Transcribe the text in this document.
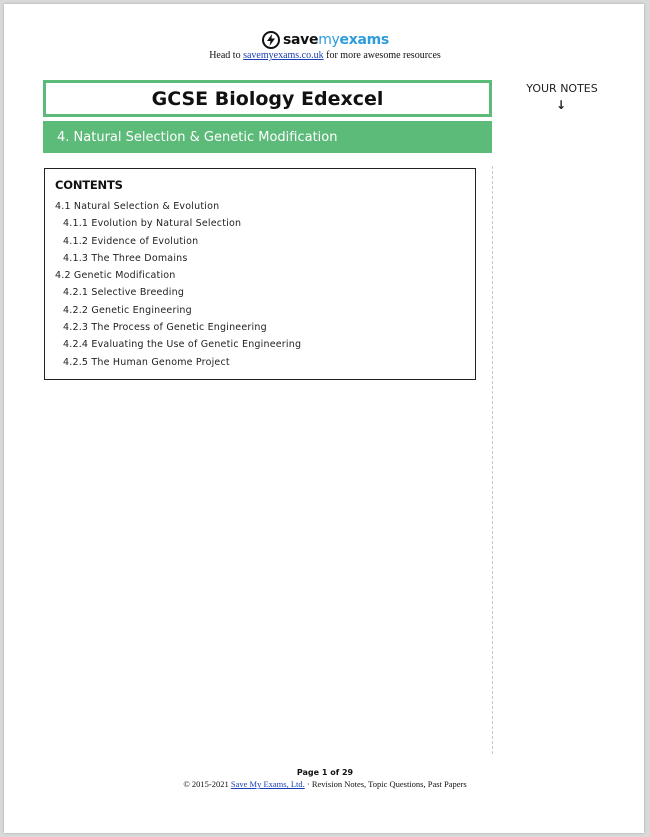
savemyexams
Head to savemyexams.co.uk for more awesome resources
GCSE Biology Edexcel
4. Natural Selection & Genetic Modification
YOUR NOTES
↓
CONTENTS
4.1 Natural Selection & Evolution
4.1.1 Evolution by Natural Selection
4.1.2 Evidence of Evolution
4.1.3 The Three Domains
4.2 Genetic Modification
4.2.1 Selective Breeding
4.2.2 Genetic Engineering
4.2.3 The Process of Genetic Engineering
4.2.4 Evaluating the Use of Genetic Engineering
4.2.5 The Human Genome Project
Page 1 of 29
© 2015-2021 Save My Exams, Ltd. · Revision Notes, Topic Questions, Past Papers
